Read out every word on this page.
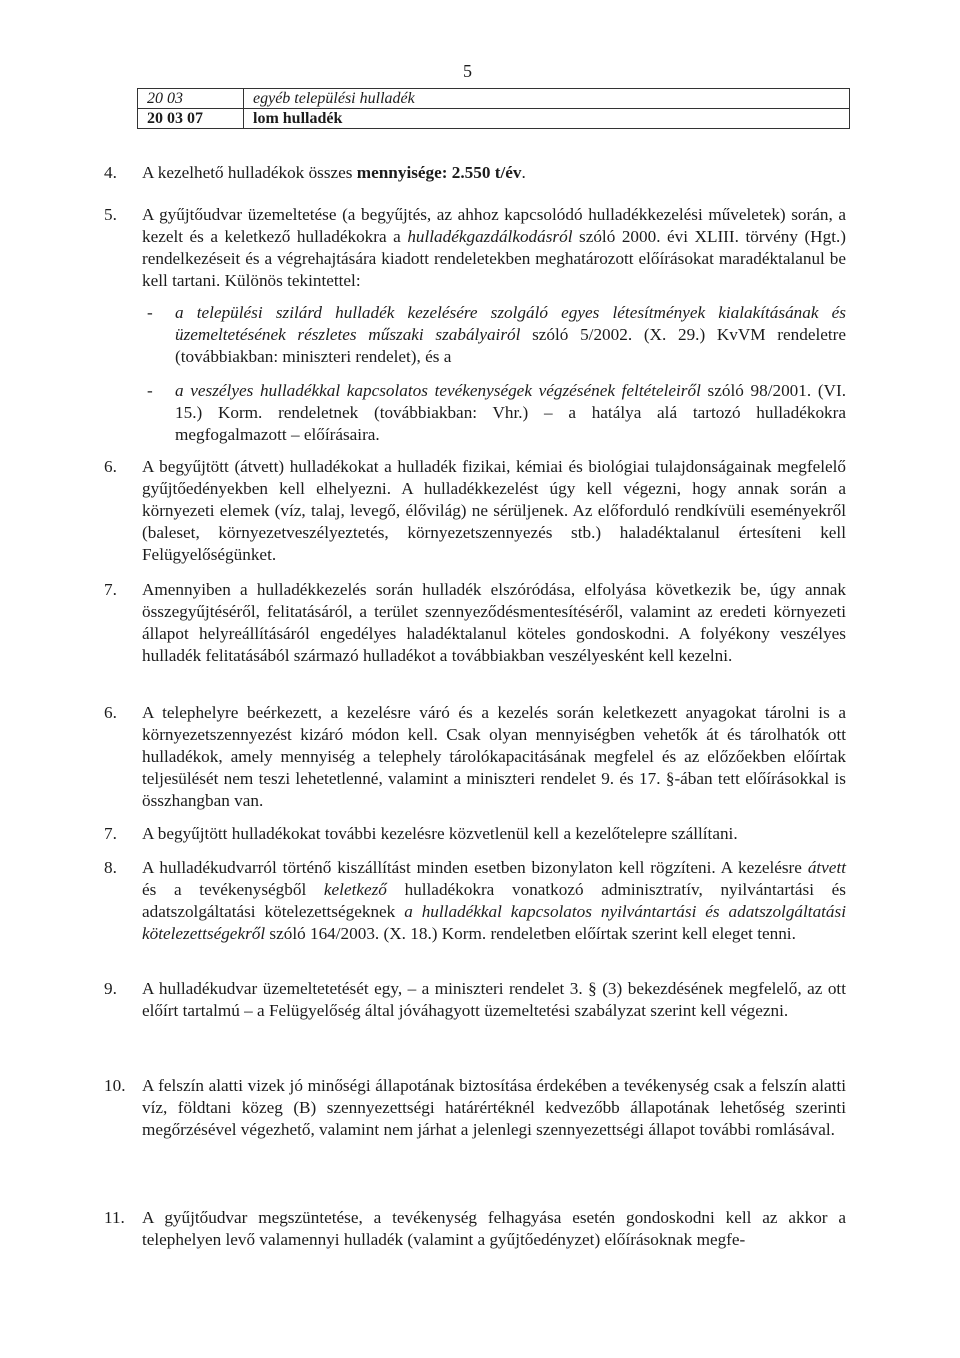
5
20 03	egyéb települési hulladék
20 03 07	lom hulladék
4. A kezelhető hulladékok összes mennyisége: 2.550 t/év.
5. A gyűjtőudvar üzemeltetése (a begyűjtés, az ahhoz kapcsolódó hulladékkezelési műveletek) során, a kezelt és a keletkező hulladékokra a hulladékgazdálkodásról szóló 2000. évi XLIII. törvény (Hgt.) rendelkezéseit és a végrehajtására kiadott rendeletekben meghatározott előírásokat maradéktalanul be kell tartani. Különös tekintettel:
- a települési szilárd hulladék kezelésére szolgáló egyes létesítmények kialakításának és üzemeltetésének részletes műszaki szabályairól szóló 5/2002. (X. 29.) KvVM rendeletre (továbbiakban: miniszteri rendelet), és a
- a veszélyes hulladékkal kapcsolatos tevékenységek végzésének feltételeiről szóló 98/2001. (VI. 15.) Korm. rendeletnek (továbbiakban: Vhr.) – a hatálya alá tartozó hulladékokra megfogalmazott – előírásaira.
6. A begyűjtött (átvett) hulladékokat a hulladék fizikai, kémiai és biológiai tulajdonságainak megfelelő gyűjtőedényekben kell elhelyezni. A hulladékkezelést úgy kell végezni, hogy annak során a környezeti elemek (víz, talaj, levegő, élővilág) ne sérüljenek. Az előforduló rendkívüli eseményekről (baleset, környezetveszélyeztetés, környezetszennyezés stb.) haladéktalanul értesíteni kell Felügyelőségünket.
7. Amennyiben a hulladékkezelés során hulladék elszóródása, elfolyása következik be, úgy annak összegyűjtéséről, felitatásáról, a terület szennyeződésmentesítéséről, valamint az eredeti környezeti állapot helyreállításáról engedélyes haladéktalanul köteles gondoskodni. A folyékony veszélyes hulladék felitatásából származó hulladékot a továbbiakban veszélyesként kell kezelni.
6. A telephelyre beérkezett, a kezelésre váró és a kezelés során keletkezett anyagokat tárolni is a környezetszennyezést kizáró módon kell. Csak olyan mennyiségben vehetők át és tárolhatók ott hulladékok, amely mennyiség a telephely tárolókapacitásának megfelel és az előzőekben előírtak teljesülését nem teszi lehetetlenné, valamint a miniszteri rendelet 9. és 17. §-ában tett előírásokkal is összhangban van.
7. A begyűjtött hulladékokat további kezelésre közvetlenül kell a kezelőtelepre szállítani.
8. A hulladékudvarról történő kiszállítást minden esetben bizonylaton kell rögzíteni. A kezelésre átvett és a tevékenységből keletkező hulladékokra vonatkozó adminisztratív, nyilvántartási és adatszolgáltatási kötelezettségeknek a hulladékkal kapcsolatos nyilvántartási és adatszolgáltatási kötelezettségekről szóló 164/2003. (X. 18.) Korm. rendeletben előírtak szerint kell eleget tenni.
9. A hulladékudvar üzemeltetetését egy, – a miniszteri rendelet 3. § (3) bekezdésének megfelelő, az ott előírt tartalmú – a Felügyelőség által jóváhagyott üzemeltetési szabályzat szerint kell végezni.
10. A felszín alatti vizek jó minőségi állapotának biztosítása érdekében a tevékenység csak a felszín alatti víz, földtani közeg (B) szennyezettségi határértéknél kedvezőbb állapotának lehetőség szerinti megőrzésével végezhető, valamint nem járhat a jelenlegi szennyezettségi állapot további romlásával.
11. A gyűjtőudvar megszüntetése, a tevékenység felhagyása esetén gondoskodni kell az akkor a telephelyen levő valamennyi hulladék (valamint a gyűjtőedényzet) előírásoknak megfe-
